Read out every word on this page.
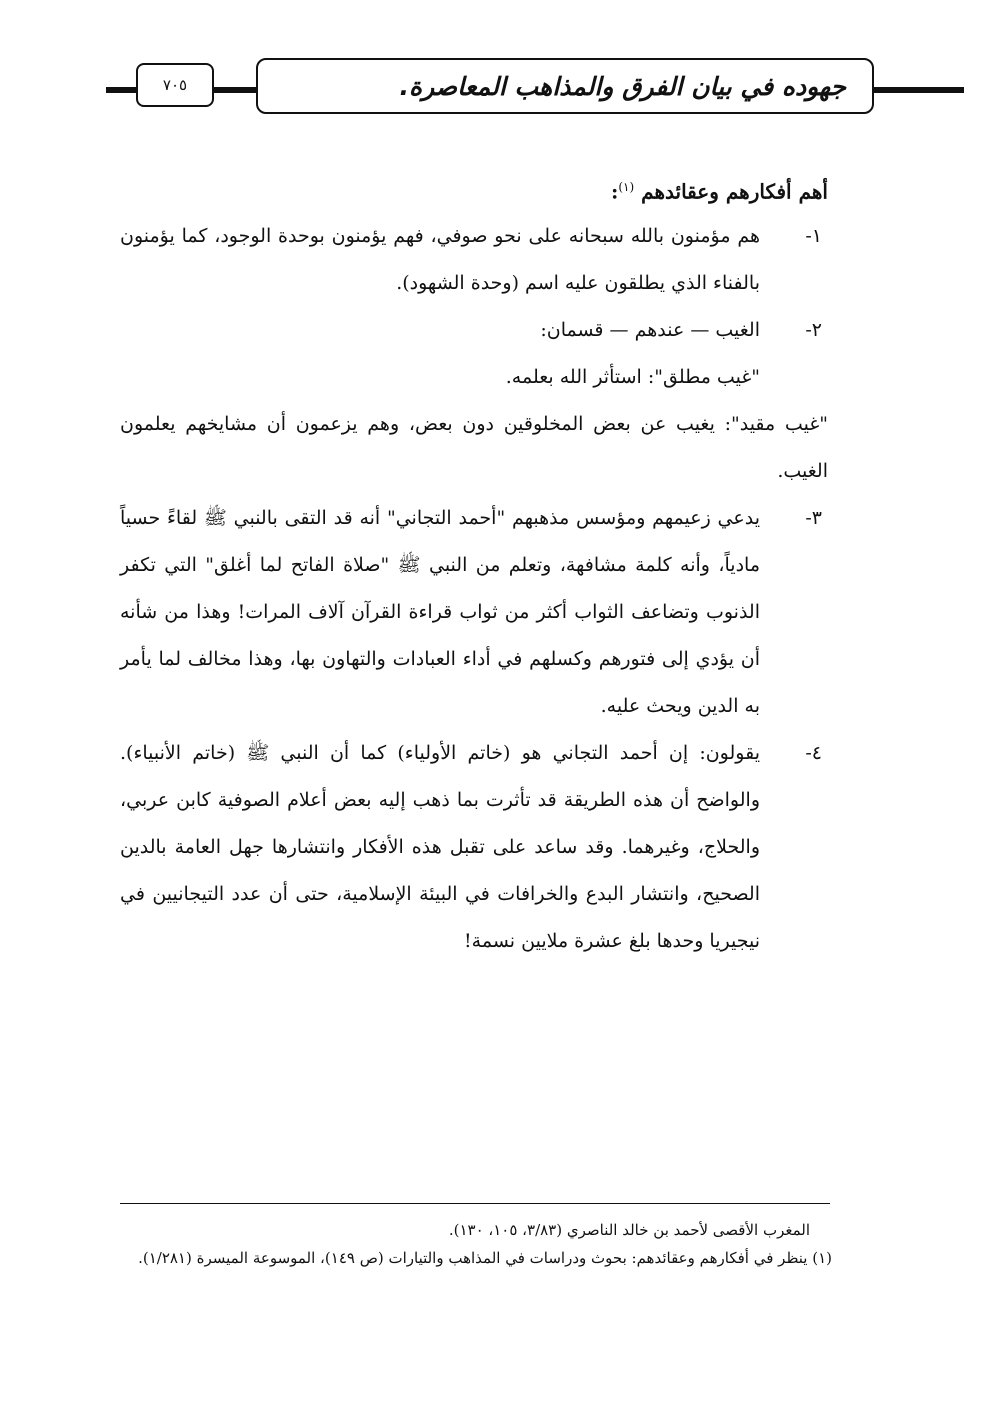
جهوده في بيان الفرق والمذاهب المعاصرة.
٧٠٥
أهم أفكارهم وعقائدهم $^{(١)}$:
١-
هم مؤمنون بالله سبحانه على نحو صوفي، فهم يؤمنون بوحدة الوجود، كما يؤمنون بالفناء الذي يطلقون عليه اسم (وحدة الشهود).
٢-
الغيب — عندهم — قسمان:
"غيب مطلق": استأثر الله بعلمه.
"غيب مقيد": يغيب عن بعض المخلوقين دون بعض، وهم يزعمون أن مشايخهم يعلمون الغيب.
٣-
يدعي زعيمهم ومؤسس مذهبهم "أحمد التجاني" أنه قد التقى بالنبي ﷺ لقاءً حسياً مادياً، وأنه كلمة مشافهة، وتعلم من النبي ﷺ "صلاة الفاتح لما أغلق" التي تكفر الذنوب وتضاعف الثواب أكثر من ثواب قراءة القرآن آلاف المرات! وهذا من شأنه أن يؤدي إلى فتورهم وكسلهم في أداء العبادات والتهاون بها، وهذا مخالف لما يأمر به الدين ويحث عليه.
٤-
يقولون: إن أحمد التجاني هو (خاتم الأولياء) كما أن النبي ﷺ (خاتم الأنبياء). والواضح أن هذه الطريقة قد تأثرت بما ذهب إليه بعض أعلام الصوفية كابن عربي، والحلاج، وغيرهما. وقد ساعد على تقبل هذه الأفكار وانتشارها جهل العامة بالدين الصحيح، وانتشار البدع والخرافات في البيئة الإسلامية، حتى أن عدد التيجانيين في نيجيريا وحدها بلغ عشرة ملايين نسمة!
المغرب الأقصى لأحمد بن خالد الناصري (٣/٨٣، ١٠٥، ١٣٠).
(١) ينظر في أفكارهم وعقائدهم: بحوث ودراسات في المذاهب والتيارات (ص ١٤٩)، الموسوعة الميسرة (١/٢٨١).
